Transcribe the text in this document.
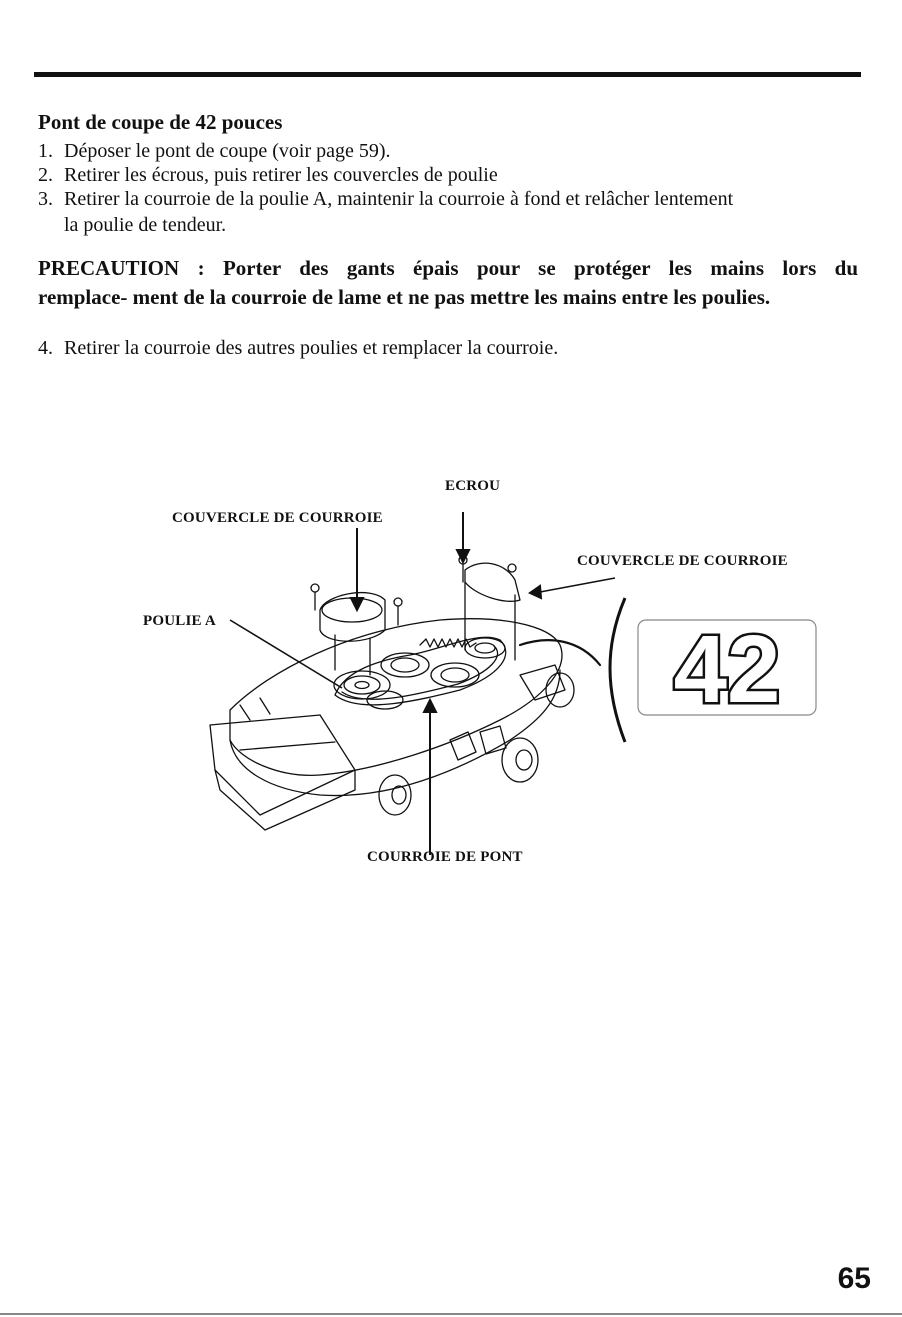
Pont de coupe de 42 pouces
1. Déposer le pont de coupe (voir page 59).
2. Retirer les écrous, puis retirer les couvercles de poulie
3. Retirer la courroie de la poulie A, maintenir la courroie à fond et relâcher lentement
la poulie de tendeur.
PRECAUTION : Porter des gants épais pour se protéger les mains lors du
remplace- ment de la courroie de lame et ne pas mettre les mains entre les poulies.
4. Retirer la courroie des autres poulies et remplacer la courroie.
42
ECROU
COUVERCLE DE COURROIE
COUVERCLE DE COURROIE
POULIE A
COURROIE DE PONT
65
